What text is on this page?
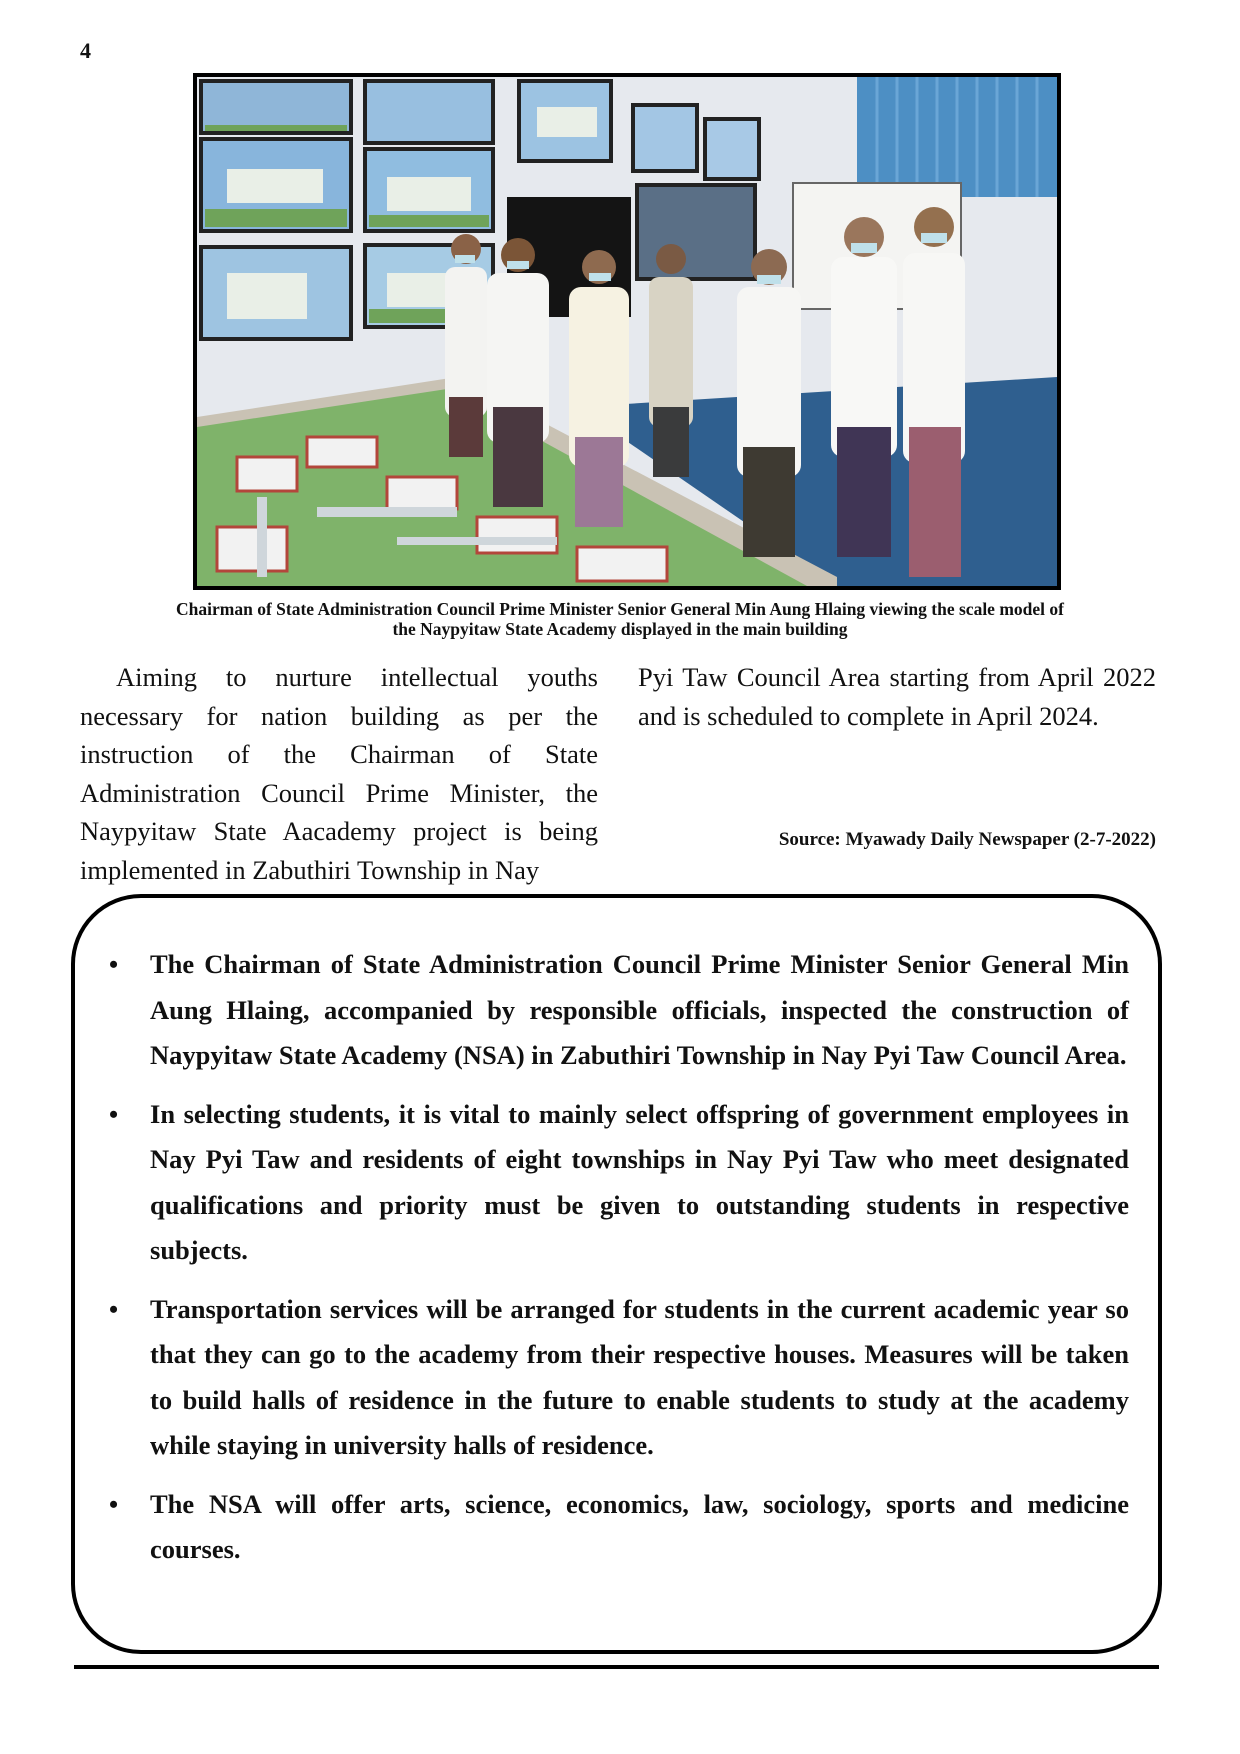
4
Chairman of State Administration Council Prime Minister Senior General Min Aung Hlaing viewing the scale model of
the Naypyitaw State Academy displayed in the main building
Aiming to nurture intellectual youths necessary for nation building as per the instruction of the Chairman of State Administration Council Prime Minister, the Naypyitaw State Aacademy project is being implemented in Zabuthiri Township in Nay
Pyi Taw Council Area starting from April 2022 and is scheduled to complete in April 2024.
Source: Myawady Daily Newspaper (2-7-2022)
• The Chairman of State Administration Council Prime Minister Senior General Min Aung Hlaing, accompanied by responsible officials, inspected the construction of Naypyitaw State Academy (NSA) in Zabuthiri Township in Nay Pyi Taw Council Area.
• In selecting students, it is vital to mainly select offspring of government employees in Nay Pyi Taw and residents of eight townships in Nay Pyi Taw who meet designated qualifications and priority must be given to outstanding students in respective subjects.
• Transportation services will be arranged for students in the current academic year so that they can go to the academy from their respective houses. Measures will be taken to build halls of residence in the future to enable students to study at the academy while staying in university halls of residence.
• The NSA will offer arts, science, economics, law, sociology, sports and medicine courses.
